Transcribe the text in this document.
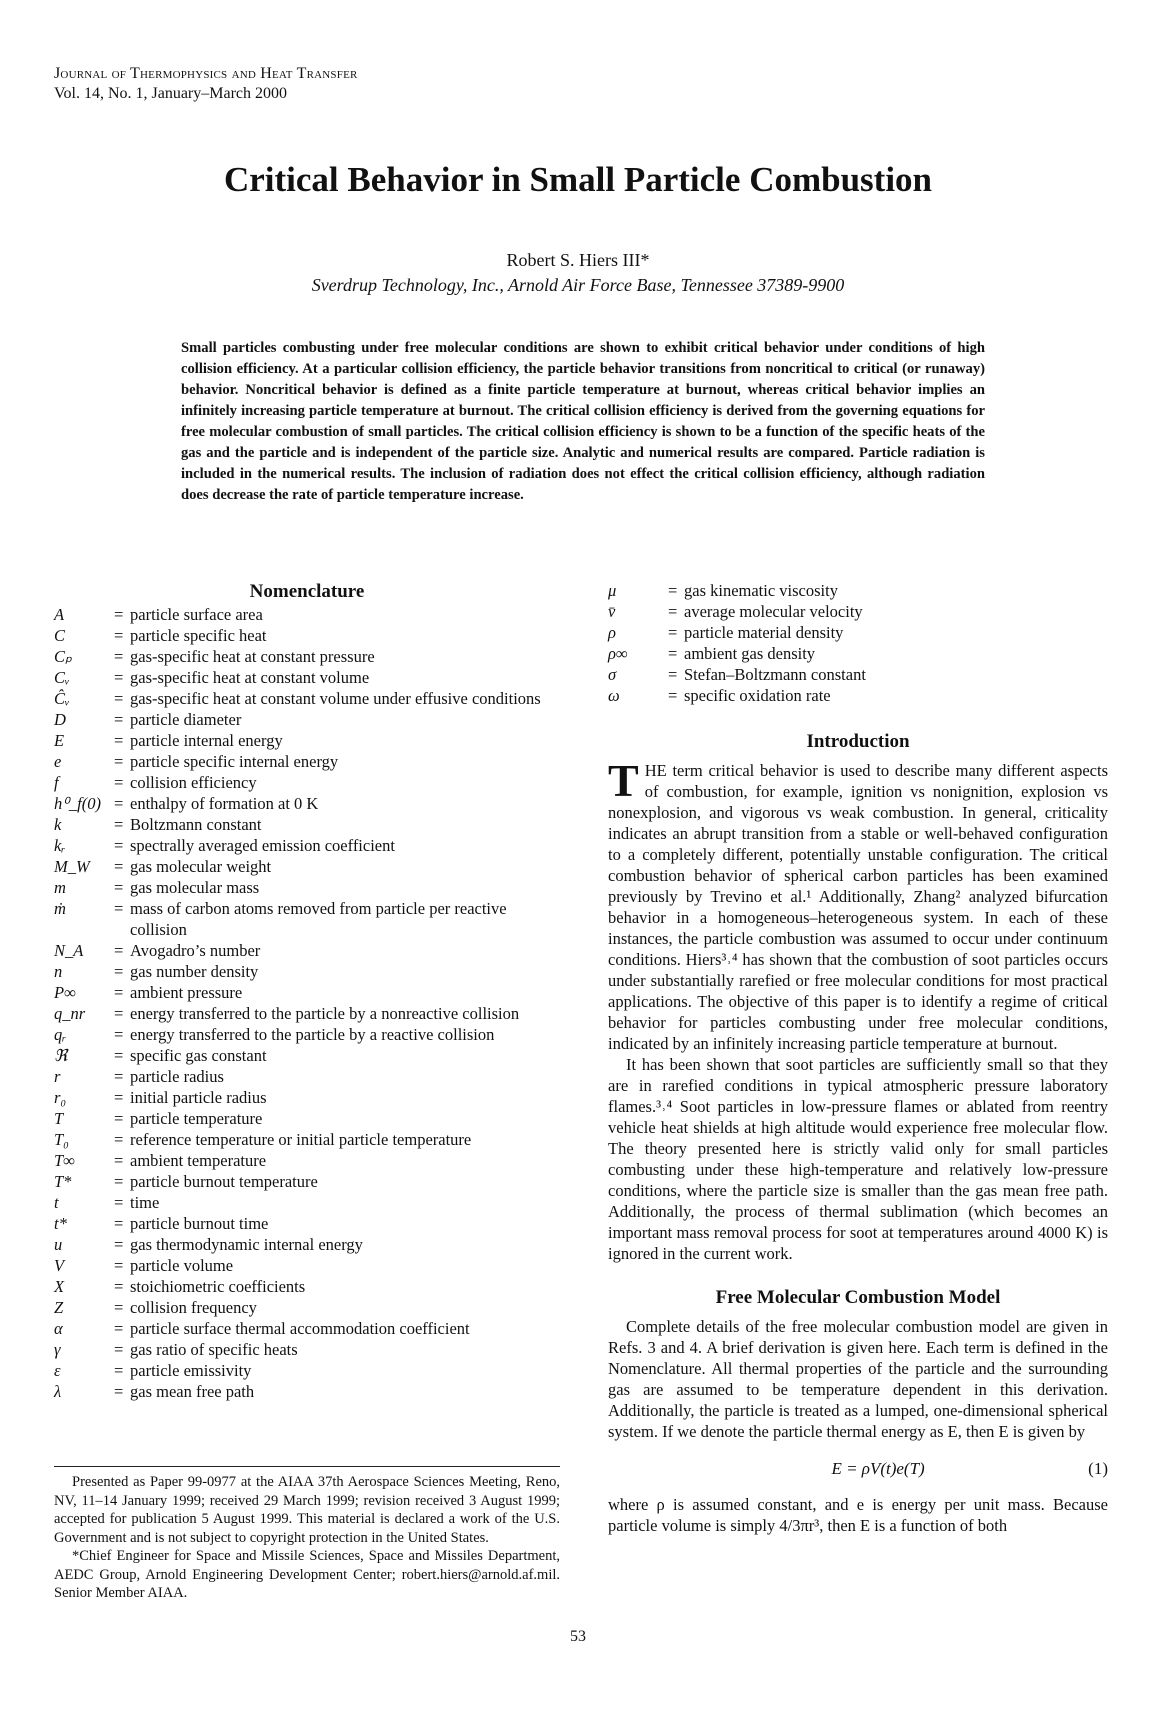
Journal of Thermophysics and Heat Transfer
Vol. 14, No. 1, January–March 2000
Critical Behavior in Small Particle Combustion
Robert S. Hiers III*
Sverdrup Technology, Inc., Arnold Air Force Base, Tennessee 37389-9900

Small particles combusting under free molecular conditions are shown to exhibit critical behavior under conditions of high collision efficiency. At a particular collision efficiency, the particle behavior transitions from noncritical to critical (or runaway) behavior. Noncritical behavior is defined as a finite particle temperature at burnout, whereas critical behavior implies an infinitely increasing particle temperature at burnout. The critical collision efficiency is derived from the governing equations for free molecular combustion of small particles. The critical collision efficiency is shown to be a function of the specific heats of the gas and the particle and is independent of the particle size. Analytic and numerical results are compared. Particle radiation is included in the numerical results. The inclusion of radiation does not effect the critical collision efficiency, although radiation does decrease the rate of particle temperature increase.

Nomenclature
A	= particle surface area
C	= particle specific heat
Cₚ	= gas-specific heat at constant pressure
Cᵥ	= gas-specific heat at constant volume
Ĉᵥ	= gas-specific heat at constant volume under effusive conditions
D	= particle diameter
E	= particle internal energy
e	= particle specific internal energy
f	= collision efficiency
h⁰_f(0) = enthalpy of formation at 0 K
k	= Boltzmann constant
kᵣ	= spectrally averaged emission coefficient
M_W	= gas molecular weight
m	= gas molecular mass
ṁ	= mass of carbon atoms removed from particle per reactive collision
N_A	= Avogadro’s number
n	= gas number density
P∞	= ambient pressure
q_nr	= energy transferred to the particle by a nonreactive collision
qᵣ	= energy transferred to the particle by a reactive collision
ℜ	= specific gas constant
r	= particle radius
r₀	= initial particle radius
T	= particle temperature
T₀	= reference temperature or initial particle temperature
T∞	= ambient temperature
T*	= particle burnout temperature
t	= time
t*	= particle burnout time
u	= gas thermodynamic internal energy
V	= particle volume
X	= stoichiometric coefficients
Z	= collision frequency
α	= particle surface thermal accommodation coefficient
γ	= gas ratio of specific heats
ε	= particle emissivity
λ	= gas mean free path
μ	= gas kinematic viscosity
v̄	= average molecular velocity
ρ	= particle material density
ρ∞	= ambient gas density
σ	= Stefan–Boltzmann constant
ω	= specific oxidation rate
Introduction

THE term critical behavior is used to describe many different aspects of combustion, for example, ignition vs nonignition, explosion vs nonexplosion, and vigorous vs weak combustion. In general, criticality indicates an abrupt transition from a stable or well-behaved configuration to a completely different, potentially unstable configuration. The critical combustion behavior of spherical carbon particles has been examined previously by Trevino et al.¹ Additionally, Zhang² analyzed bifurcation behavior in a homogeneous–heterogeneous system. In each of these instances, the particle combustion was assumed to occur under continuum conditions. Hiers³˒⁴ has shown that the combustion of soot particles occurs under substantially rarefied or free molecular conditions for most practical applications. The objective of this paper is to identify a regime of critical behavior for particles combusting under free molecular conditions, indicated by an infinitely increasing particle temperature at burnout.

It has been shown that soot particles are sufficiently small so that they are in rarefied conditions in typical atmospheric pressure laboratory flames.³˒⁴ Soot particles in low-pressure flames or ablated from reentry vehicle heat shields at high altitude would experience free molecular flow. The theory presented here is strictly valid only for small particles combusting under these high-temperature and relatively low-pressure conditions, where the particle size is smaller than the gas mean free path. Additionally, the process of thermal sublimation (which becomes an important mass removal process for soot at temperatures around 4000 K) is ignored in the current work.

Free Molecular Combustion Model

Complete details of the free molecular combustion model are given in Refs. 3 and 4. A brief derivation is given here. Each term is defined in the Nomenclature. All thermal properties of the particle and the surrounding gas are assumed to be temperature dependent in this derivation. Additionally, the particle is treated as a lumped, one-dimensional spherical system. If we denote the particle thermal energy as E, then E is given by

E = ρV(t)e(T)	(1)

where ρ is assumed constant, and e is energy per unit mass. Because particle volume is simply 4/3πr³, then E is a function of both

Presented as Paper 99-0977 at the AIAA 37th Aerospace Sciences Meeting, Reno, NV, 11–14 January 1999; received 29 March 1999; revision received 3 August 1999; accepted for publication 5 August 1999. This material is declared a work of the U.S. Government and is not subject to copyright protection in the United States.

*Chief Engineer for Space and Missile Sciences, Space and Missiles Department, AEDC Group, Arnold Engineering Development Center; robert.hiers@arnold.af.mil. Senior Member AIAA.

53
